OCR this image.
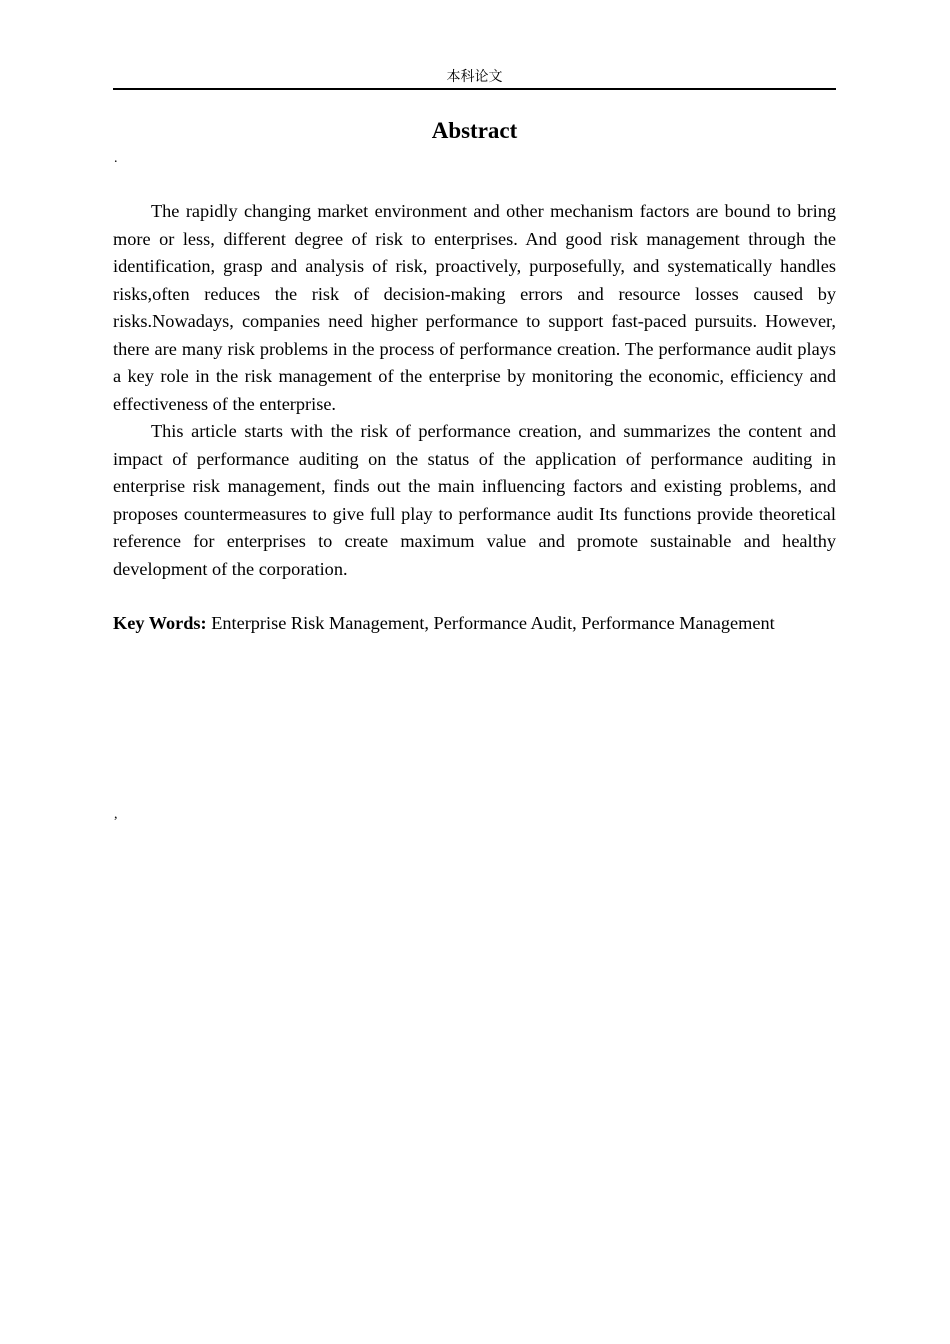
本科论文
Abstract
.

The rapidly changing market environment and other mechanism factors are bound to bring more or less, different degree of risk to enterprises. And good risk management through the identification, grasp and analysis of risk, proactively, purposefully, and systematically handles risks,often reduces the risk of decision-making errors and resource losses caused by risks.Nowadays, companies need higher performance to support fast-paced pursuits. However, there are many risk problems in the process of performance creation. The performance audit plays a key role in the risk management of the enterprise by monitoring the economic, efficiency and effectiveness of the enterprise.

This article starts with the risk of performance creation, and summarizes the content and impact of performance auditing on the status of the application of performance auditing in enterprise risk management, finds out the main influencing factors and existing problems, and proposes countermeasures to give full play to performance audit Its functions provide theoretical reference for enterprises to create maximum value and promote sustainable and healthy development of the corporation.

Key Words: Enterprise Risk Management, Performance Audit, Performance Management

,
